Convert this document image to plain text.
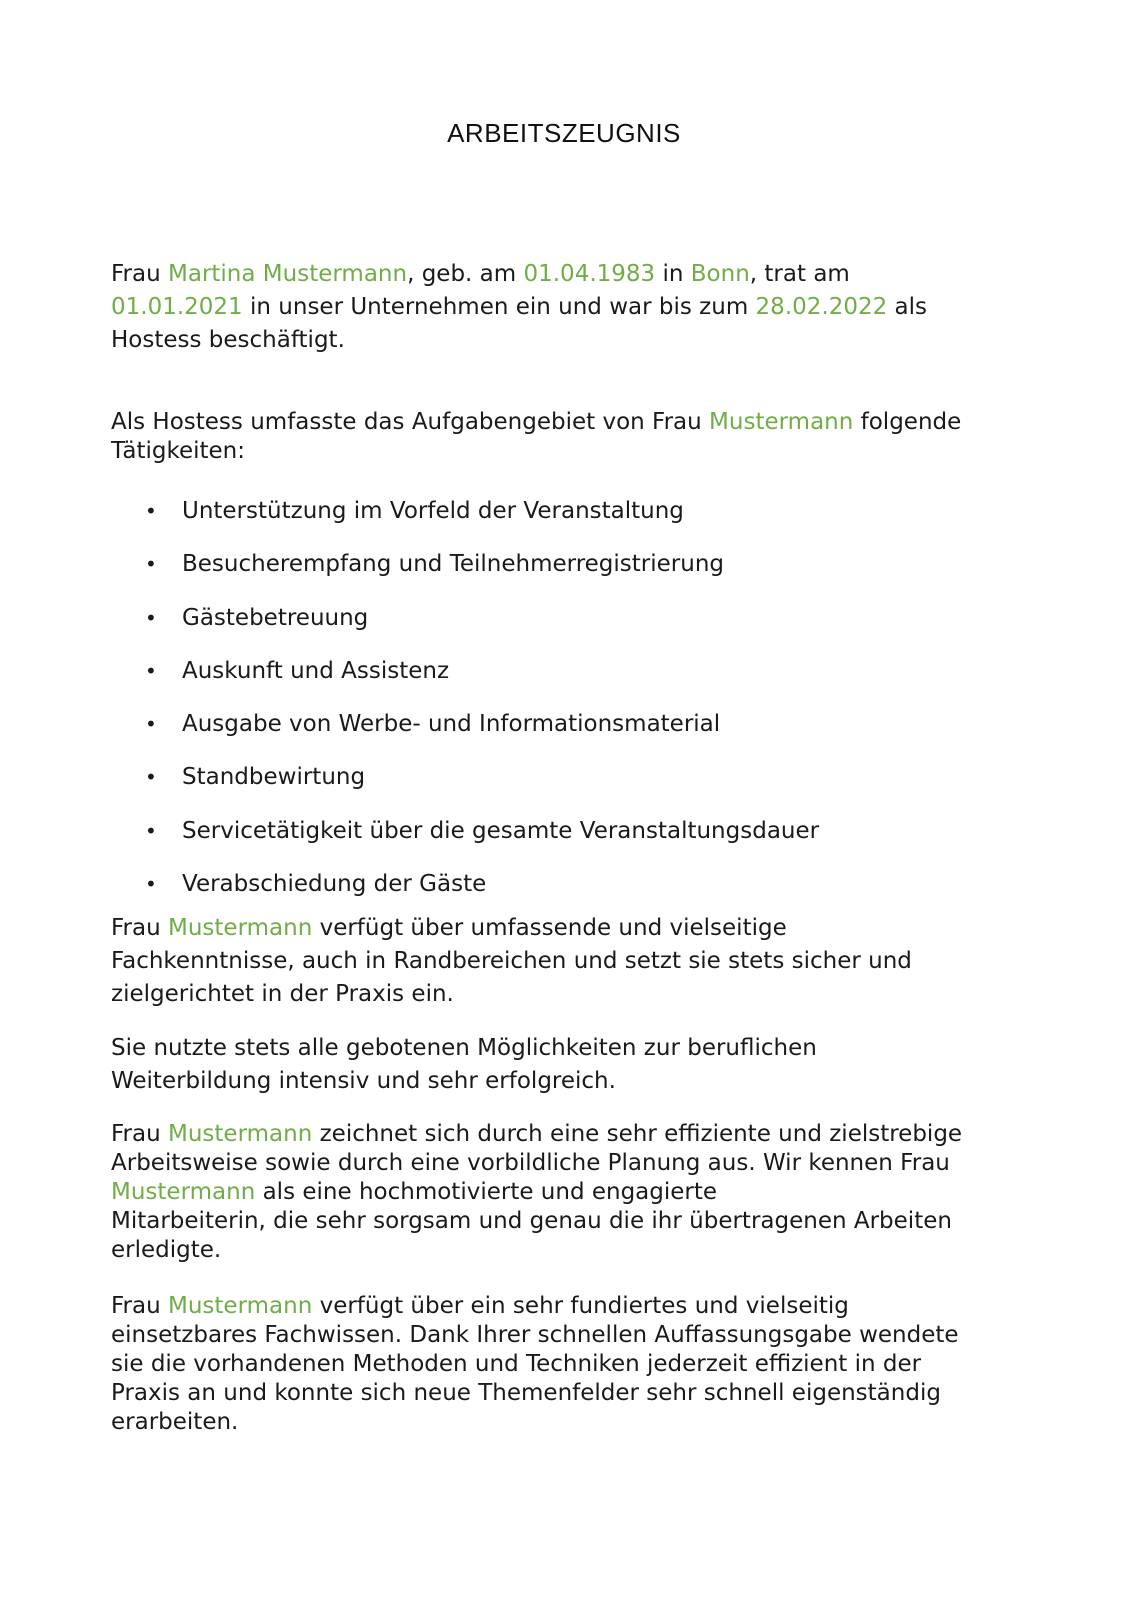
ARBEITSZEUGNIS

Frau Martina Mustermann, geb. am 01.04.1983 in Bonn, trat am
01.01.2021 in unser Unternehmen ein und war bis zum 28.02.2022 als
Hostess beschäftigt.

Als Hostess umfasste das Aufgabengebiet von Frau Mustermann folgende
Tätigkeiten:

• Unterstützung im Vorfeld der Veranstaltung
• Besucherempfang und Teilnehmerregistrierung
• Gästebetreuung
• Auskunft und Assistenz
• Ausgabe von Werbe- und Informationsmaterial
• Standbewirtung
• Servicetätigkeit über die gesamte Veranstaltungsdauer
• Verabschiedung der Gäste

Frau Mustermann verfügt über umfassende und vielseitige
Fachkenntnisse, auch in Randbereichen und setzt sie stets sicher und
zielgerichtet in der Praxis ein.

Sie nutzte stets alle gebotenen Möglichkeiten zur beruflichen
Weiterbildung intensiv und sehr erfolgreich.

Frau Mustermann zeichnet sich durch eine sehr effiziente und zielstrebige
Arbeitsweise sowie durch eine vorbildliche Planung aus. Wir kennen Frau
Mustermann als eine hochmotivierte und engagierte
Mitarbeiterin, die sehr sorgsam und genau die ihr übertragenen Arbeiten
erledigte.

Frau Mustermann verfügt über ein sehr fundiertes und vielseitig
einsetzbares Fachwissen. Dank Ihrer schnellen Auffassungsgabe wendete
sie die vorhandenen Methoden und Techniken jederzeit effizient in der
Praxis an und konnte sich neue Themenfelder sehr schnell eigenständig
erarbeiten.
